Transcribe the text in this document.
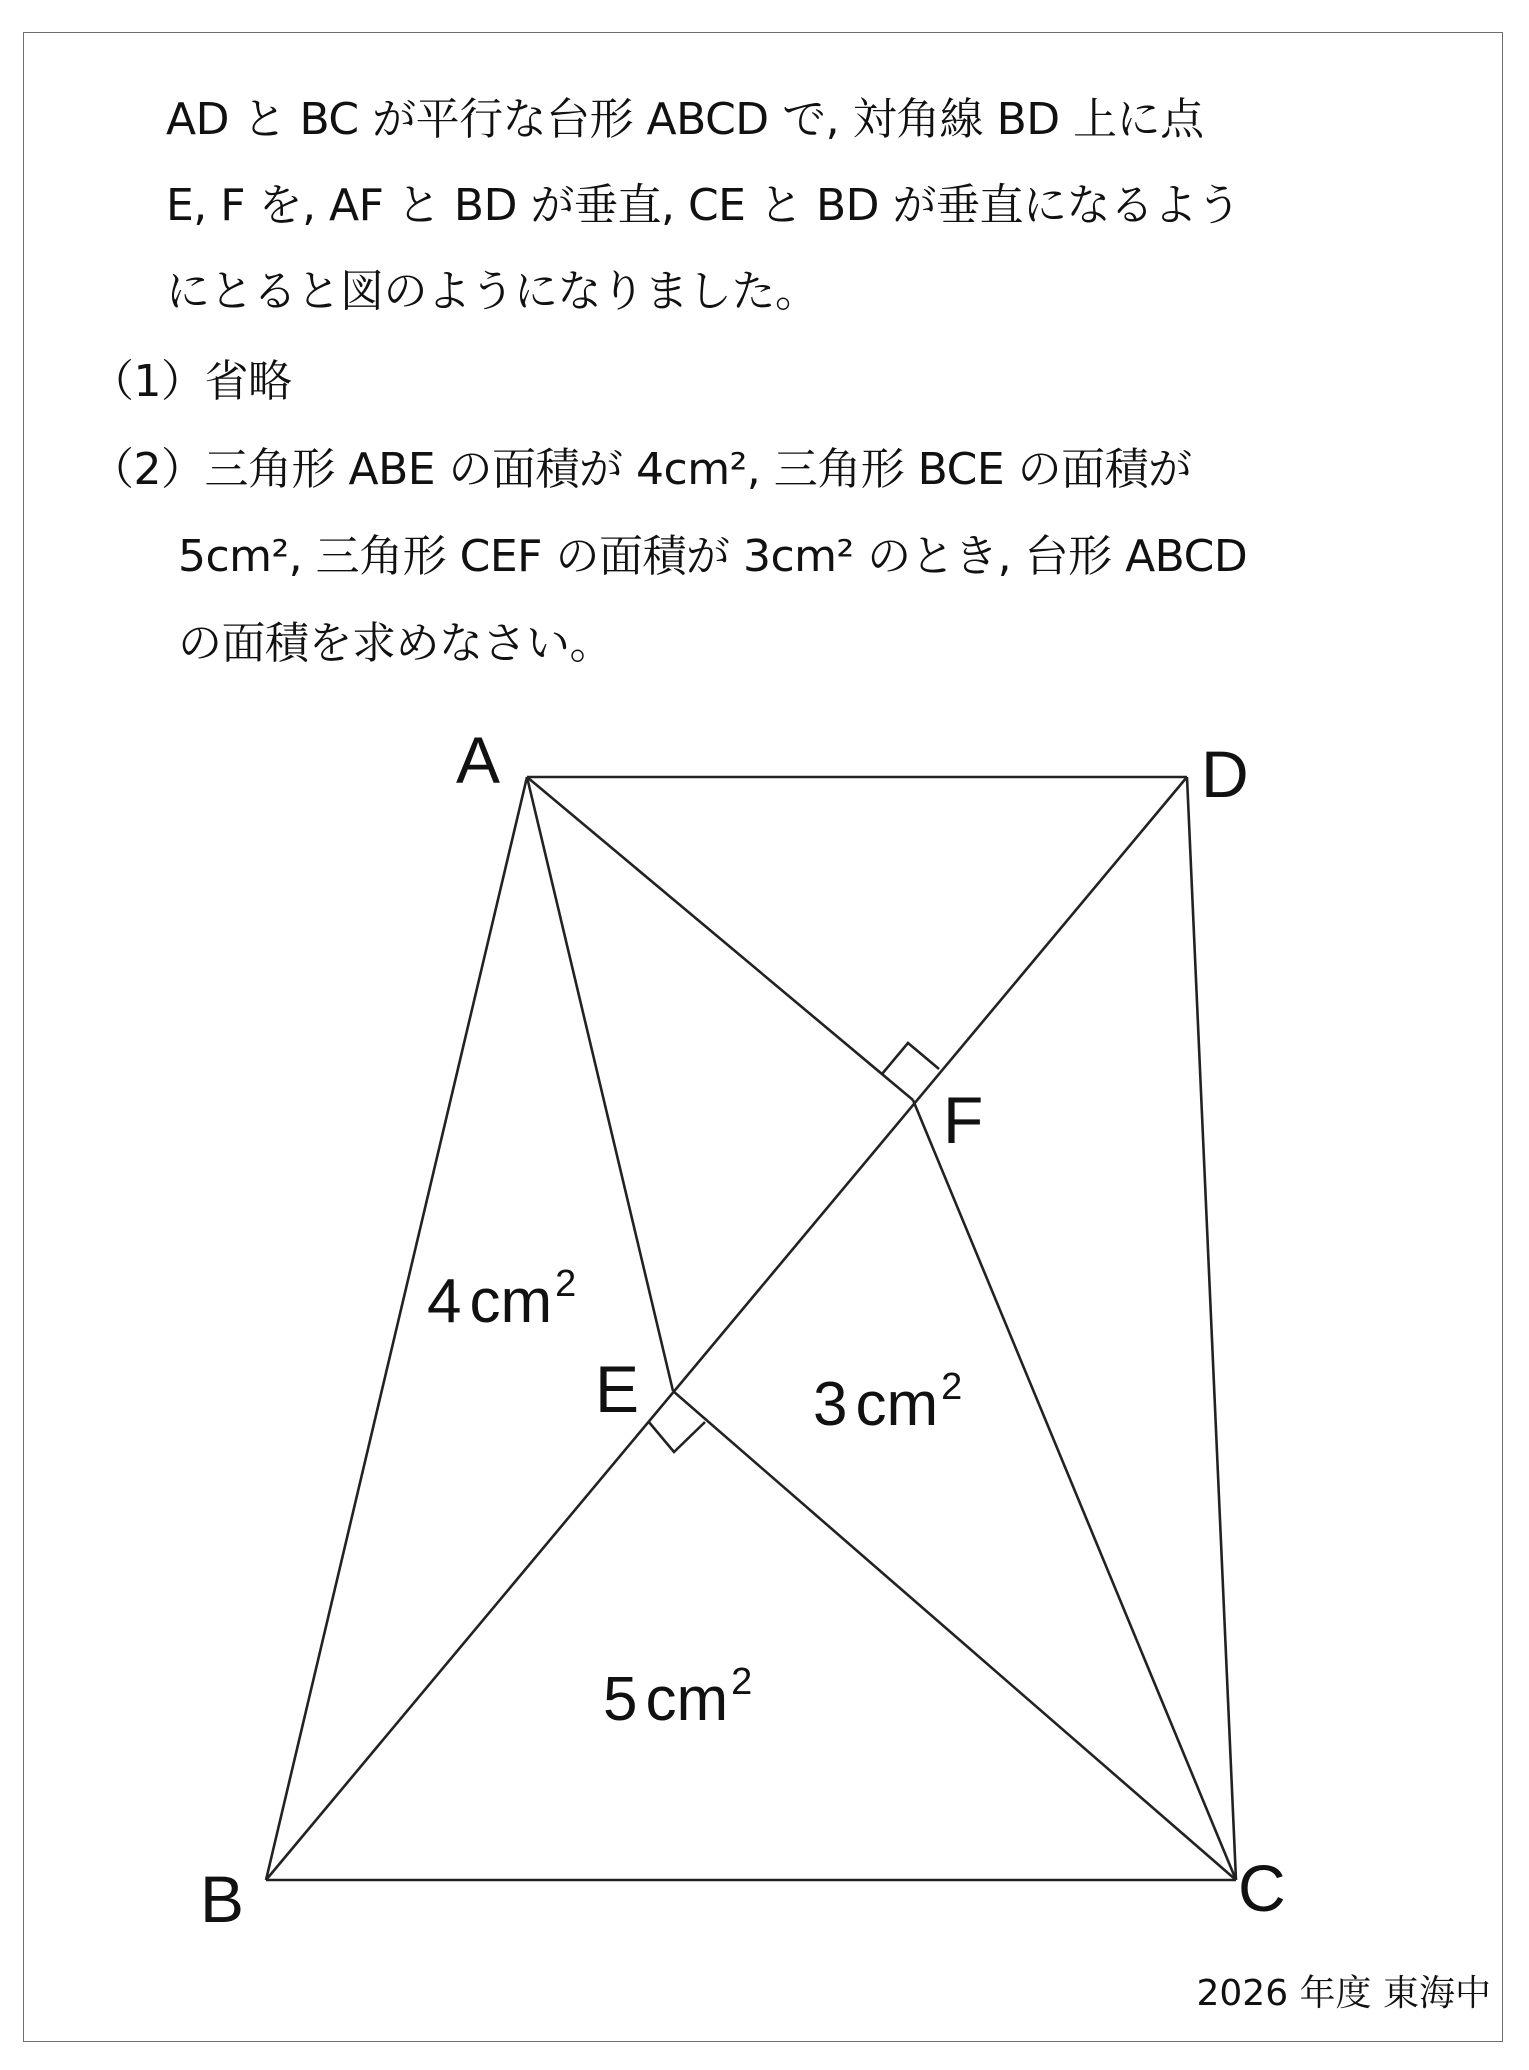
AD と BC が平行な台形 ABCD で, 対角線 BD 上に点
E, F を, AF と BD が垂直, CE と BD が垂直になるよう
にとると図のようになりました。
（1）省略
（2）三角形 ABE の面積が 4cm², 三角形 BCE の面積が
5cm², 三角形 CEF の面積が 3cm² のとき, 台形 ABCD
の面積を求めなさい。
A	D
F
E
B	C
4 $cm^2$
3 $cm^2$
5 $cm^2$
2026 年度 東海中
